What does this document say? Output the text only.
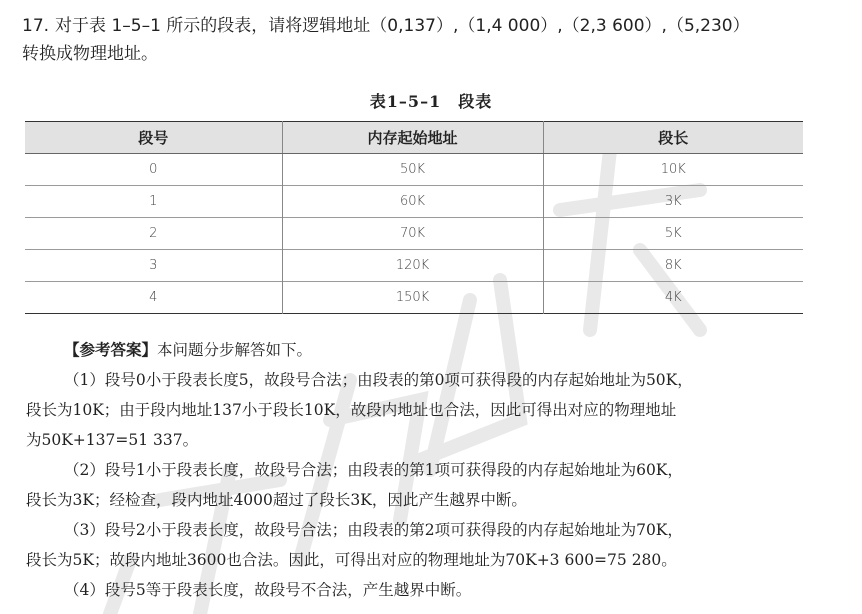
17. 对于表 1–5–1 所示的段表，请将逻辑地址（0,137）,（1,4 000）,（2,3 600）,（5,230）
转换成物理地址。
表1–5–1　段表
段号	内存起始地址	段长
0	50K	10K
1	60K	3K
2	70K	5K
3	120K	8K
4	150K	4K
【参考答案】本问题分步解答如下。
（1）段号0小于段表长度5，故段号合法；由段表的第0项可获得段的内存起始地址为50K，
段长为10K；由于段内地址137小于段长10K，故段内地址也合法，因此可得出对应的物理地址
为50K+137=51 337。
（2）段号1小于段表长度，故段号合法；由段表的第1项可获得段的内存起始地址为60K，
段长为3K；经检查，段内地址4000超过了段长3K，因此产生越界中断。
（3）段号2小于段表长度，故段号合法；由段表的第2项可获得段的内存起始地址为70K，
段长为5K；故段内地址3600也合法。因此，可得出对应的物理地址为70K+3 600=75 280。
（4）段号5等于段表长度，故段号不合法，产生越界中断。
